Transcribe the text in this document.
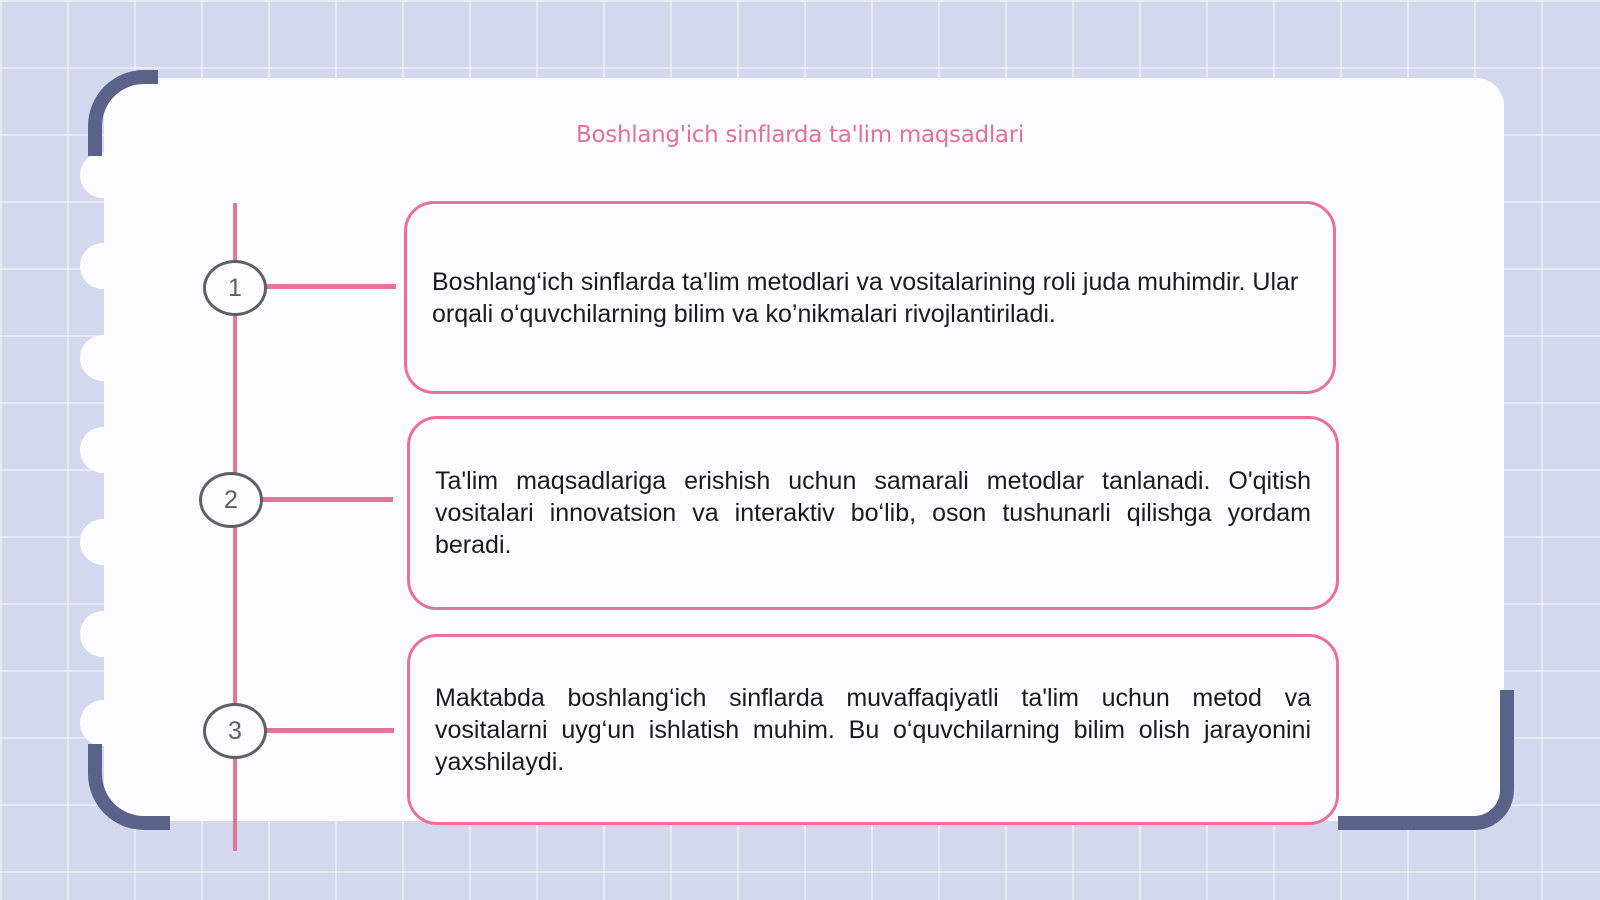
Boshlang'ich sinflarda ta'lim maqsadlari
1	Boshlang‘ich sinflarda ta'lim metodlari va vositalarining roli juda muhimdir. Ular orqali o‘quvchilarning bilim va ko’nikmalari rivojlantiriladi.
2
Ta'lim maqsadlariga erishish uchun samarali metodlar tanlanadi. O'qitish vositalari innovatsion va interaktiv bo‘lib, oson tushunarli qilishga yordam beradi.
3
Maktabda boshlang‘ich sinflarda muvaffaqiyatli ta'lim uchun metod va vositalarni uyg‘un ishlatish muhim. Bu o‘quvchilarning bilim olish jarayonini yaxshilaydi.
